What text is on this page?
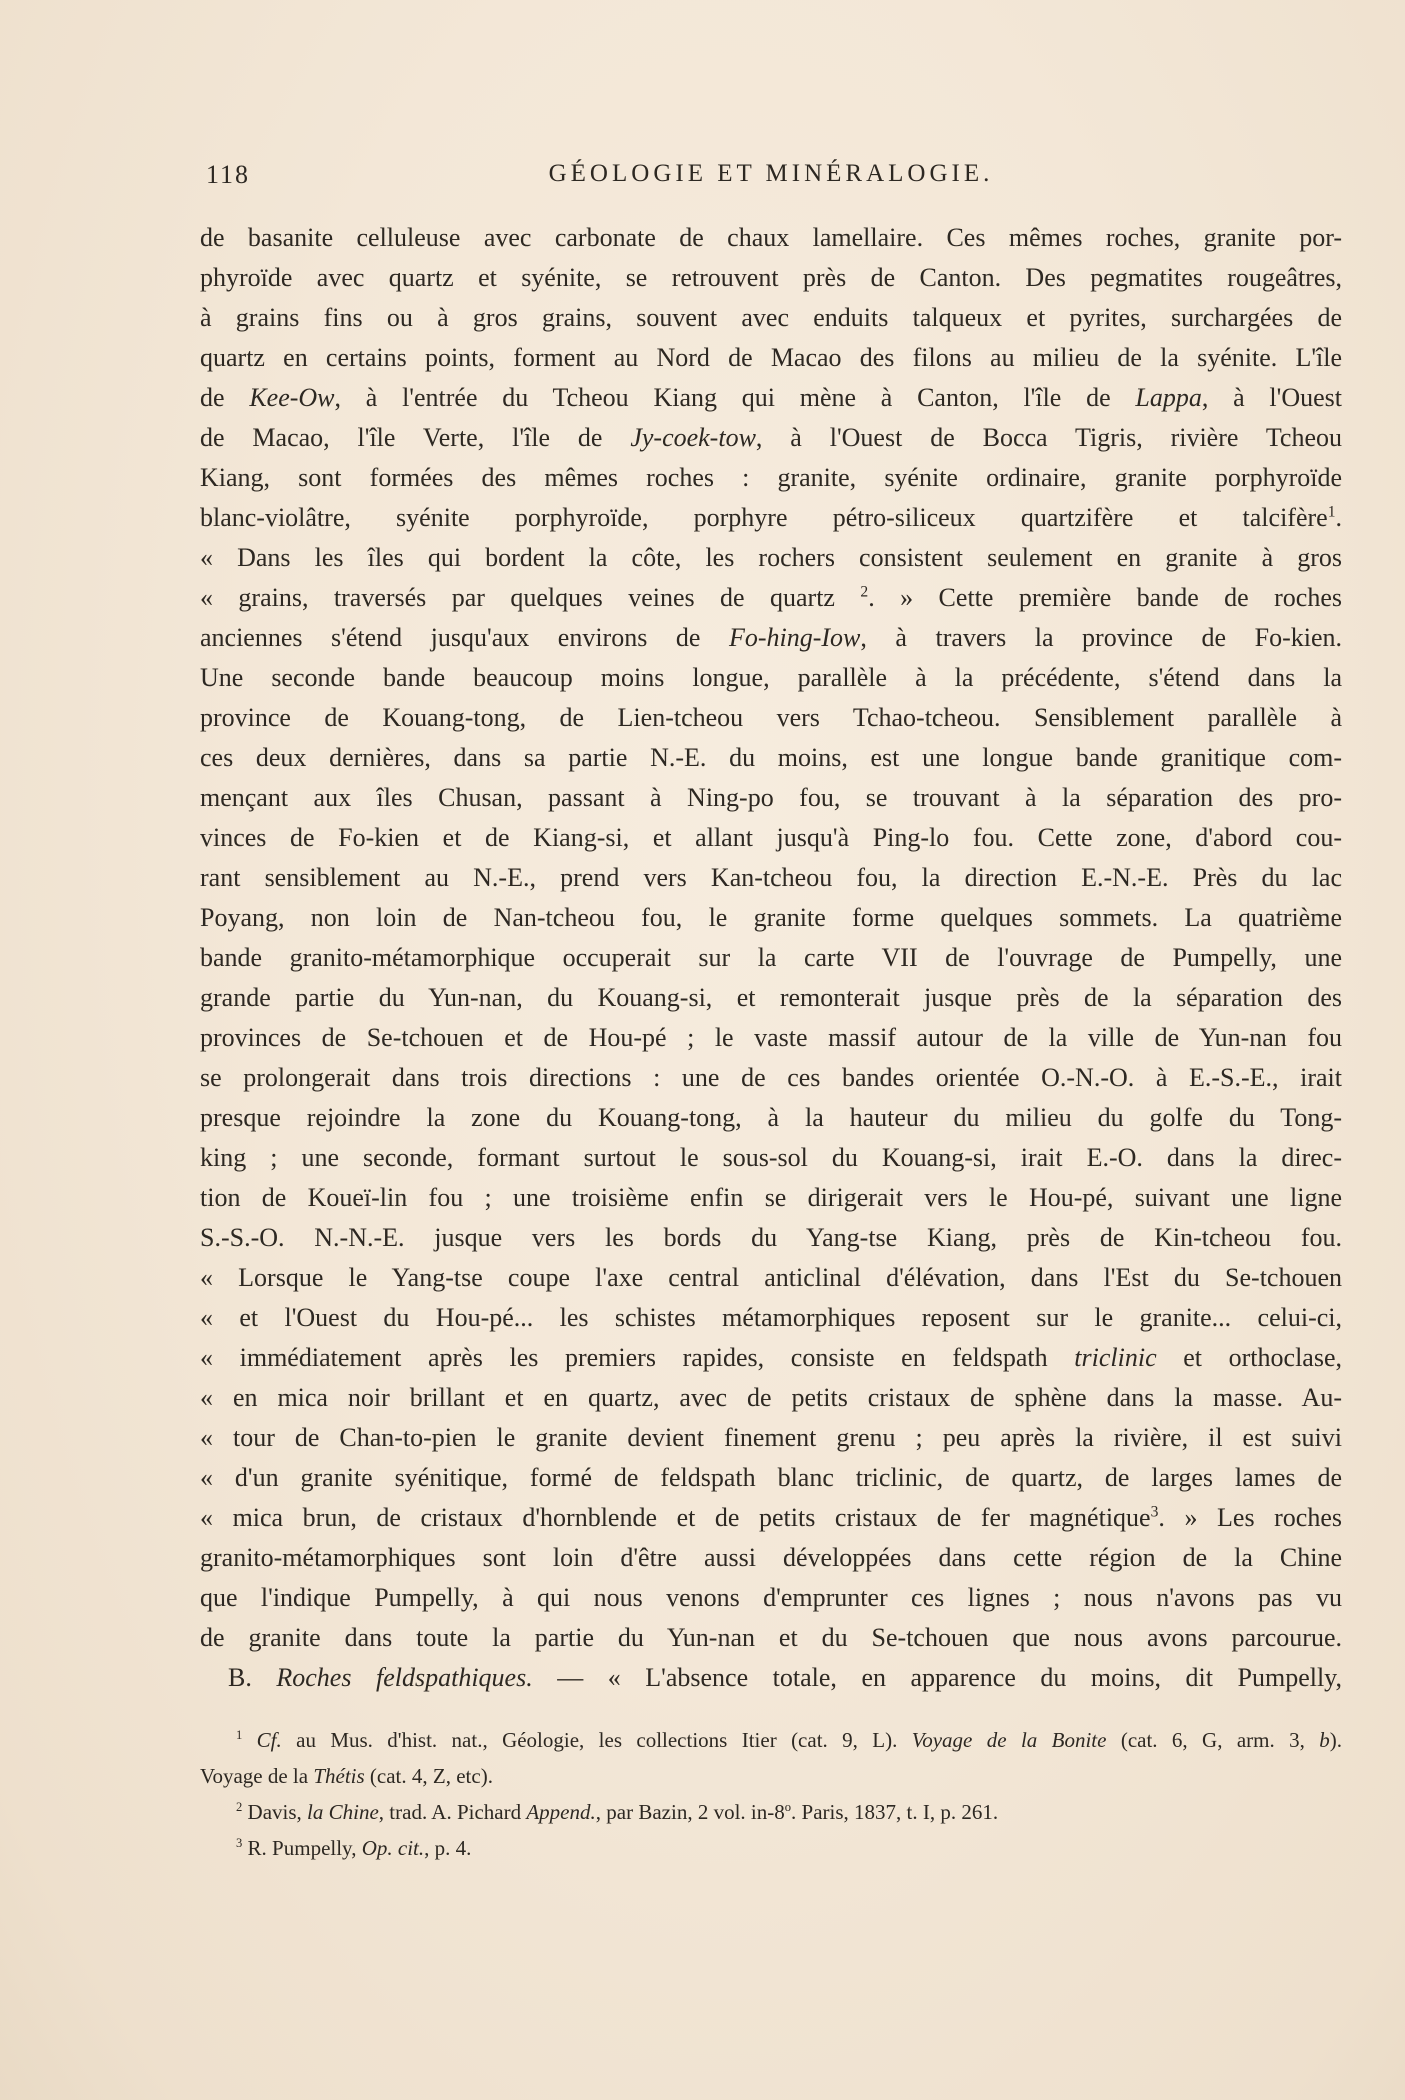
118	GÉOLOGIE ET MINÉRALOGIE.
de basanite celluleuse avec carbonate de chaux lamellaire. Ces mêmes roches, granite por-
phyroïde avec quartz et syénite, se retrouvent près de Canton. Des pegmatites rougeâtres,
à grains fins ou à gros grains, souvent avec enduits talqueux et pyrites, surchargées de
quartz en certains points, forment au Nord de Macao des filons au milieu de la syénite. L'île
de Kee-Ow, à l'entrée du Tcheou Kiang qui mène à Canton, l'île de Lappa, à l'Ouest
de Macao, l'île Verte, l'île de Jy-coek-tow, à l'Ouest de Bocca Tigris, rivière Tcheou
Kiang, sont formées des mêmes roches : granite, syénite ordinaire, granite porphyroïde
blanc-violâtre, syénite porphyroïde, porphyre pétro-siliceux quartzifère et talcifère$^1$.
« Dans les îles qui bordent la côte, les rochers consistent seulement en granite à gros
« grains, traversés par quelques veines de quartz $^2$. » Cette première bande de roches
anciennes s'étend jusqu'aux environs de Fo-hing-Iow, à travers la province de Fo-kien.
Une seconde bande beaucoup moins longue, parallèle à la précédente, s'étend dans la
province de Kouang-tong, de Lien-tcheou vers Tchao-tcheou. Sensiblement parallèle à
ces deux dernières, dans sa partie N.-E. du moins, est une longue bande granitique com-
mençant aux îles Chusan, passant à Ning-po fou, se trouvant à la séparation des pro-
vinces de Fo-kien et de Kiang-si, et allant jusqu'à Ping-lo fou. Cette zone, d'abord cou-
rant sensiblement au N.-E., prend vers Kan-tcheou fou, la direction E.-N.-E. Près du lac
Poyang, non loin de Nan-tcheou fou, le granite forme quelques sommets. La quatrième
bande granito-métamorphique occuperait sur la carte VII de l'ouvrage de Pumpelly, une
grande partie du Yun-nan, du Kouang-si, et remonterait jusque près de la séparation des
provinces de Se-tchouen et de Hou-pé ; le vaste massif autour de la ville de Yun-nan fou
se prolongerait dans trois directions : une de ces bandes orientée O.-N.-O. à E.-S.-E., irait
presque rejoindre la zone du Kouang-tong, à la hauteur du milieu du golfe du Tong-
king ; une seconde, formant surtout le sous-sol du Kouang-si, irait E.-O. dans la direc-
tion de Koueï-lin fou ; une troisième enfin se dirigerait vers le Hou-pé, suivant une ligne
S.-S.-O. N.-N.-E. jusque vers les bords du Yang-tse Kiang, près de Kin-tcheou fou.
« Lorsque le Yang-tse coupe l'axe central anticlinal d'élévation, dans l'Est du Se-tchouen
« et l'Ouest du Hou-pé... les schistes métamorphiques reposent sur le granite... celui-ci,
« immédiatement après les premiers rapides, consiste en feldspath triclinic et orthoclase,
« en mica noir brillant et en quartz, avec de petits cristaux de sphène dans la masse. Au-
« tour de Chan-to-pien le granite devient finement grenu ; peu après la rivière, il est suivi
« d'un granite syénitique, formé de feldspath blanc triclinic, de quartz, de larges lames de
« mica brun, de cristaux d'hornblende et de petits cristaux de fer magnétique$^3$. » Les roches
granito-métamorphiques sont loin d'être aussi développées dans cette région de la Chine
que l'indique Pumpelly, à qui nous venons d'emprunter ces lignes ; nous n'avons pas vu
de granite dans toute la partie du Yun-nan et du Se-tchouen que nous avons parcourue.
B. Roches feldspathiques. — « L'absence totale, en apparence du moins, dit Pumpelly,
$^1$ Cf. au Mus. d'hist. nat., Géologie, les collections Itier (cat. 9, L). Voyage de la Bonite (cat. 6, G, arm. 3, b).
Voyage de la Thétis (cat. 4, Z, etc).
$^2$ Davis, la Chine, trad. A. Pichard Append., par Bazin, 2 vol. in-8$^o$. Paris, 1837, t. I, p. 261.
$^3$ R. Pumpelly, Op. cit., p. 4.
